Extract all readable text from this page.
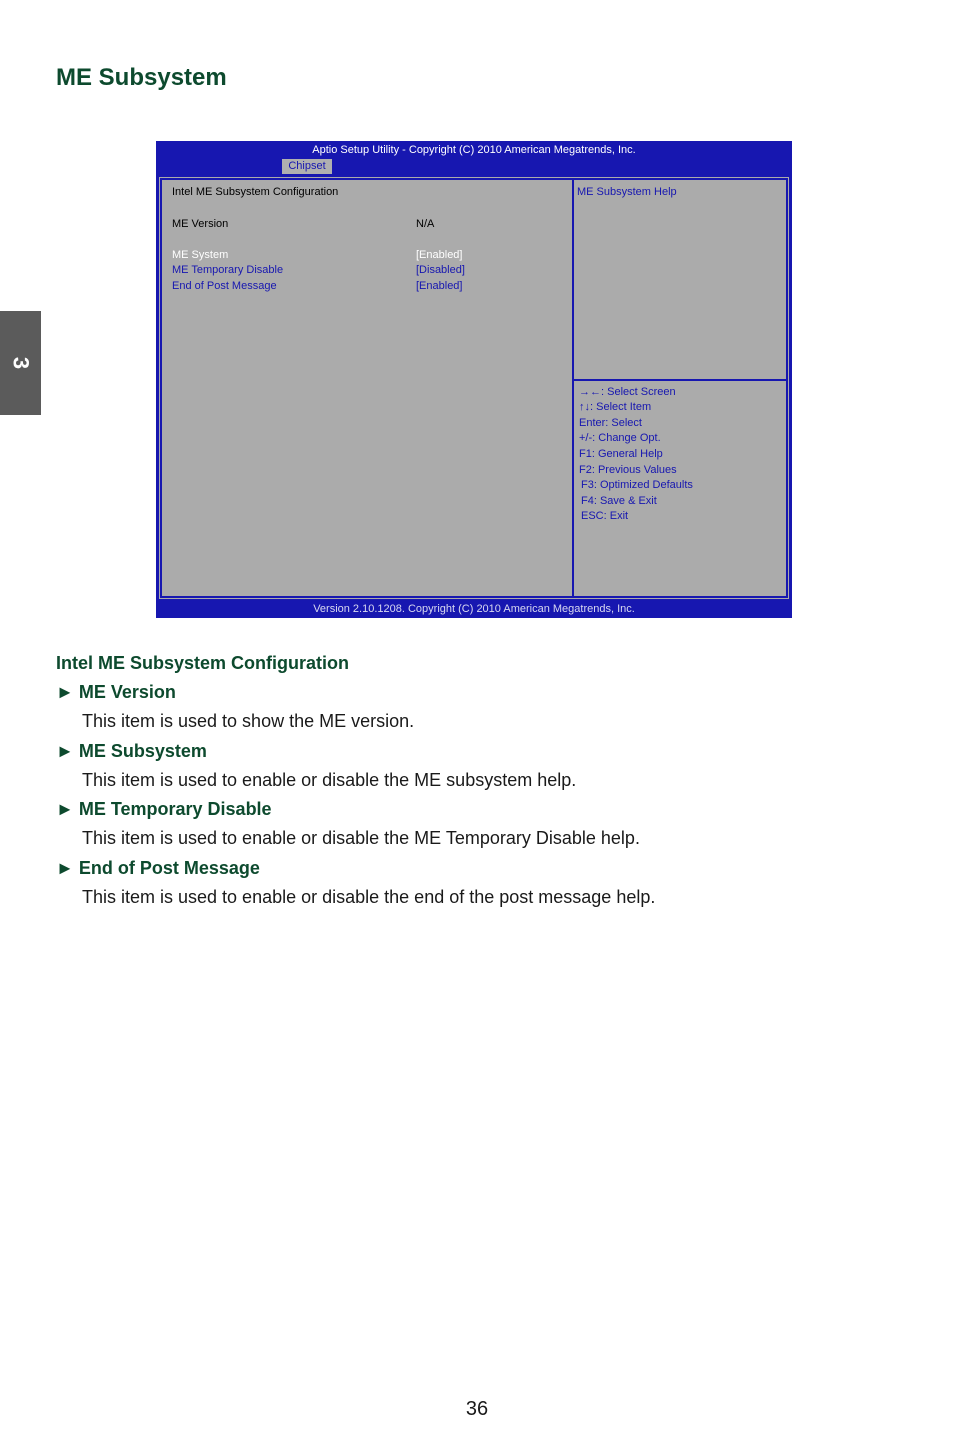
ME Subsystem
3
Aptio Setup Utility - Copyright (C) 2010 American Megatrends, Inc.
Chipset
Intel ME Subsystem Configuration
ME Version	N/A
ME System	[Enabled]
ME Temporary Disable	[Disabled]
End of Post Message	[Enabled]
ME Subsystem Help
→←: Select Screen
↑↓: Select Item
Enter: Select
+/-: Change Opt.
F1: General Help
F2: Previous Values
F3: Optimized Defaults
F4: Save & Exit
ESC: Exit
Version 2.10.1208. Copyright (C) 2010 American Megatrends, Inc.
Intel ME Subsystem Configuration
► ME Version
This item is used to show the ME version.
► ME Subsystem
This item is used to enable or disable the ME subsystem help.
► ME Temporary Disable
This item is used to enable or disable the ME Temporary Disable help.
► End of Post Message
This item is used to enable or disable the end of the post message help.
36
